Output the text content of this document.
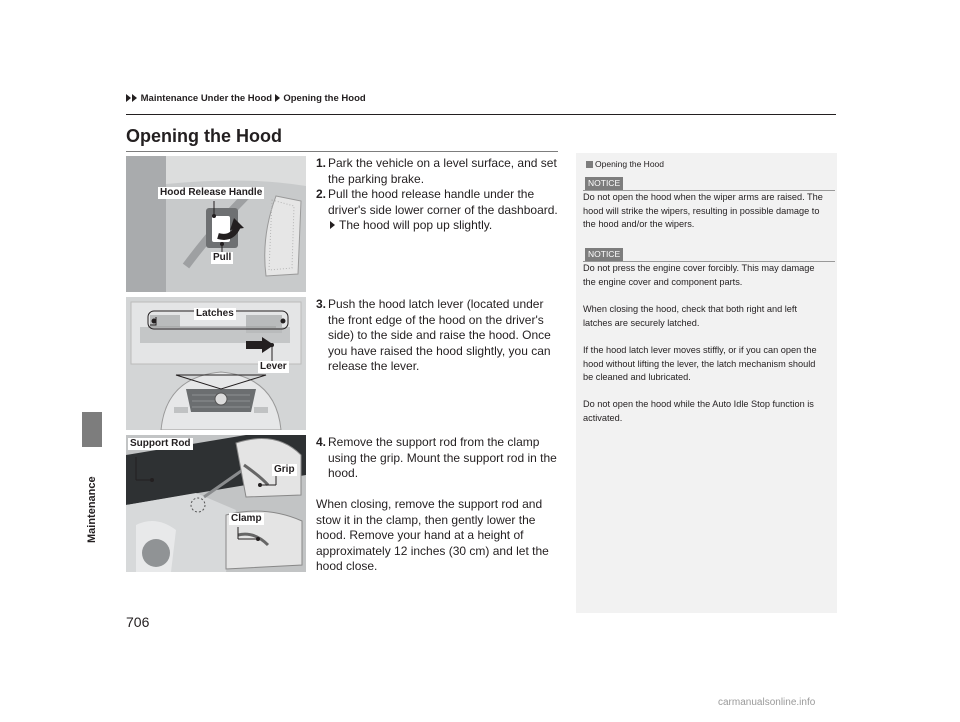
Maintenance Under the Hood Opening the Hood
Maintenance
Opening the Hood
Hood Release Handle
Pull
1. Park the vehicle on a level surface, and set the parking brake.
2. Pull the hood release handle under the driver's side lower corner of the dashboard.
The hood will pop up slightly.
Latches
Lever
3. Push the hood latch lever (located under the front edge of the hood on the driver's side) to the side and raise the hood. Once you have raised the hood slightly, you can release the lever.
Support Rod
Grip
Clamp
4. Remove the support rod from the clamp using the grip. Mount the support rod in the hood.
When closing, remove the support rod and stow it in the clamp, then gently lower the hood. Remove your hand at a height of approximately 12 inches (30 cm) and let the hood close.
Opening the Hood
NOTICE
Do not open the hood when the wiper arms are raised. The hood will strike the wipers, resulting in possible damage to the hood and/or the wipers.
NOTICE
Do not press the engine cover forcibly. This may damage the engine cover and component parts.
When closing the hood, check that both right and left latches are securely latched.
If the hood latch lever moves stiffly, or if you can open the hood without lifting the lever, the latch mechanism should be cleaned and lubricated.
Do not open the hood while the Auto Idle Stop function is activated.
706
carmanualsonline.info
